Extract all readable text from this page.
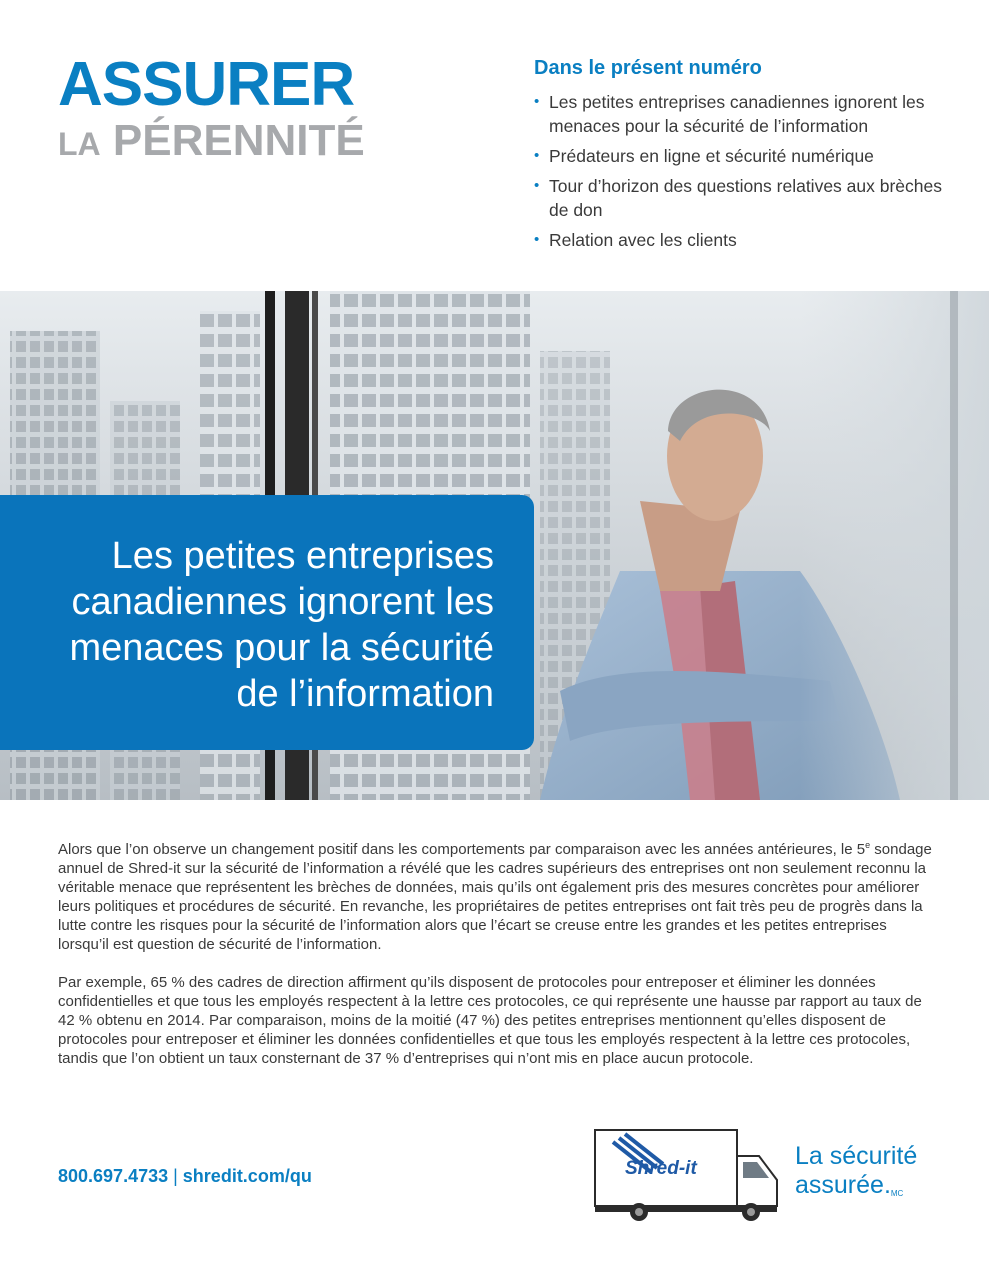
ASSURER
LA PÉRENNITÉ
Dans le présent numéro
• Les petites entreprises canadiennes ignorent les menaces pour la sécurité de l’information
• Prédateurs en ligne et sécurité numérique
• Tour d’horizon des questions relatives aux brèches de don
• Relation avec les clients
Les petites entreprises canadiennes ignorent les menaces pour la sécurité de l’information

Alors que l’on observe un changement positif dans les comportements par comparaison avec les années antérieures, le 5e sondage annuel de Shred-it sur la sécurité de l’information a révélé que les cadres supérieurs des entreprises ont non seulement reconnu la véritable menace que représentent les brèches de données, mais qu’ils ont également pris des mesures concrètes pour améliorer leurs politiques et procédures de sécurité. En revanche, les propriétaires de petites entreprises ont fait très peu de progrès dans la lutte contre les risques pour la sécurité de l’information alors que l’écart se creuse entre les grandes et les petites entreprises lorsqu’il est question de sécurité de l’information.

Par exemple, 65 % des cadres de direction affirment qu’ils disposent de protocoles pour entreposer et éliminer les données confidentielles et que tous les employés respectent à la lettre ces protocoles, ce qui représente une hausse par rapport au taux de 42 % obtenu en 2014. Par comparaison, moins de la moitié (47 %) des petites entreprises mentionnent qu’elles disposent de protocoles pour entreposer et éliminer les données confidentielles et que tous les employés respectent à la lettre ces protocoles, tandis que l’on obtient un taux consternant de 37 % d’entreprises qui n’ont mis en place aucun protocole.

800.697.4733 | shredit.com/qu	Shred-it	La sécurité
assurée.$^{MC}$
